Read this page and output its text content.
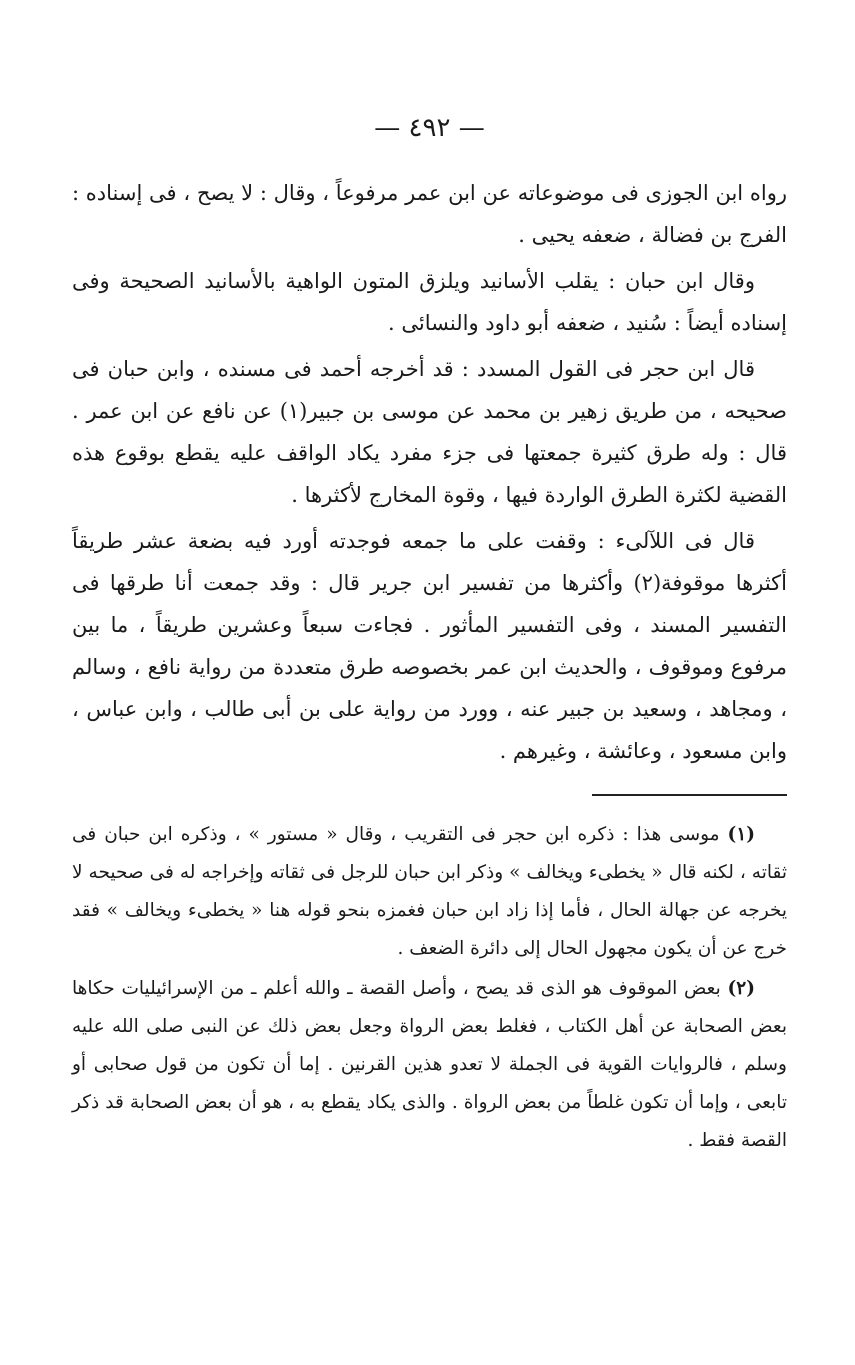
— ٤٩٢ —

رواه ابن الجوزى فى موضوعاته عن ابن عمر مرفوعاً ، وقال : لا يصح ، فى إسناده : الفرج بن فضالة ، ضعفه يحيى .

وقال ابن حبان : يقلب الأسانيد ويلزق المتون الواهية بالأسانيد الصحيحة وفى إسناده أيضاً : سُنيد ، ضعفه أبو داود والنسائى .

قال ابن حجر فى القول المسدد : قد أخرجه أحمد فى مسنده ، وابن حبان فى صحيحه ، من طريق زهير بن محمد عن موسى بن جبير(١) عن نافع عن ابن عمر . قال : وله طرق كثيرة جمعتها فى جزء مفرد يكاد الواقف عليه يقطع بوقوع هذه القضية لكثرة الطرق الواردة فيها ، وقوة المخارج لأكثرها .

قال فى اللآلىء : وقفت على ما جمعه فوجدته أورد فيه بضعة عشر طريقاً أكثرها موقوفة(٢) وأكثرها من تفسير ابن جرير قال : وقد جمعت أنا طرقها فى التفسير المسند ، وفى التفسير المأثور . فجاءت سبعاً وعشرين طريقاً ، ما بين مرفوع وموقوف ، والحديث ابن عمر بخصوصه طرق متعددة من رواية نافع ، وسالم ، ومجاهد ، وسعيد بن جبير عنه ، وورد من رواية على بن أبى طالب ، وابن عباس ، وابن مسعود ، وعائشة ، وغيرهم .

(١) موسى هذا : ذكره ابن حجر فى التقريب ، وقال « مستور » ، وذكره ابن حبان فى ثقاته ، لكنه قال « يخطىء ويخالف » وذكر ابن حبان للرجل فى ثقاته وإخراجه له فى صحيحه لا يخرجه عن جهالة الحال ، فأما إذا زاد ابن حبان فغمزه بنحو قوله هنا « يخطىء ويخالف » فقد خرج عن أن يكون مجهول الحال إلى دائرة الضعف .

(٢) بعض الموقوف هو الذى قد يصح ، وأصل القصة ـ والله أعلم ـ من الإسرائيليات حكاها بعض الصحابة عن أهل الكتاب ، فغلط بعض الرواة وجعل بعض ذلك عن النبى صلى الله عليه وسلم ، فالروايات القوية فى الجملة لا تعدو هذين القرنين . إما أن تكون من قول صحابى أو تابعى ، وإما أن تكون غلطاً من بعض الرواة . والذى يكاد يقطع به ، هو أن بعض الصحابة قد ذكر القصة فقط .
